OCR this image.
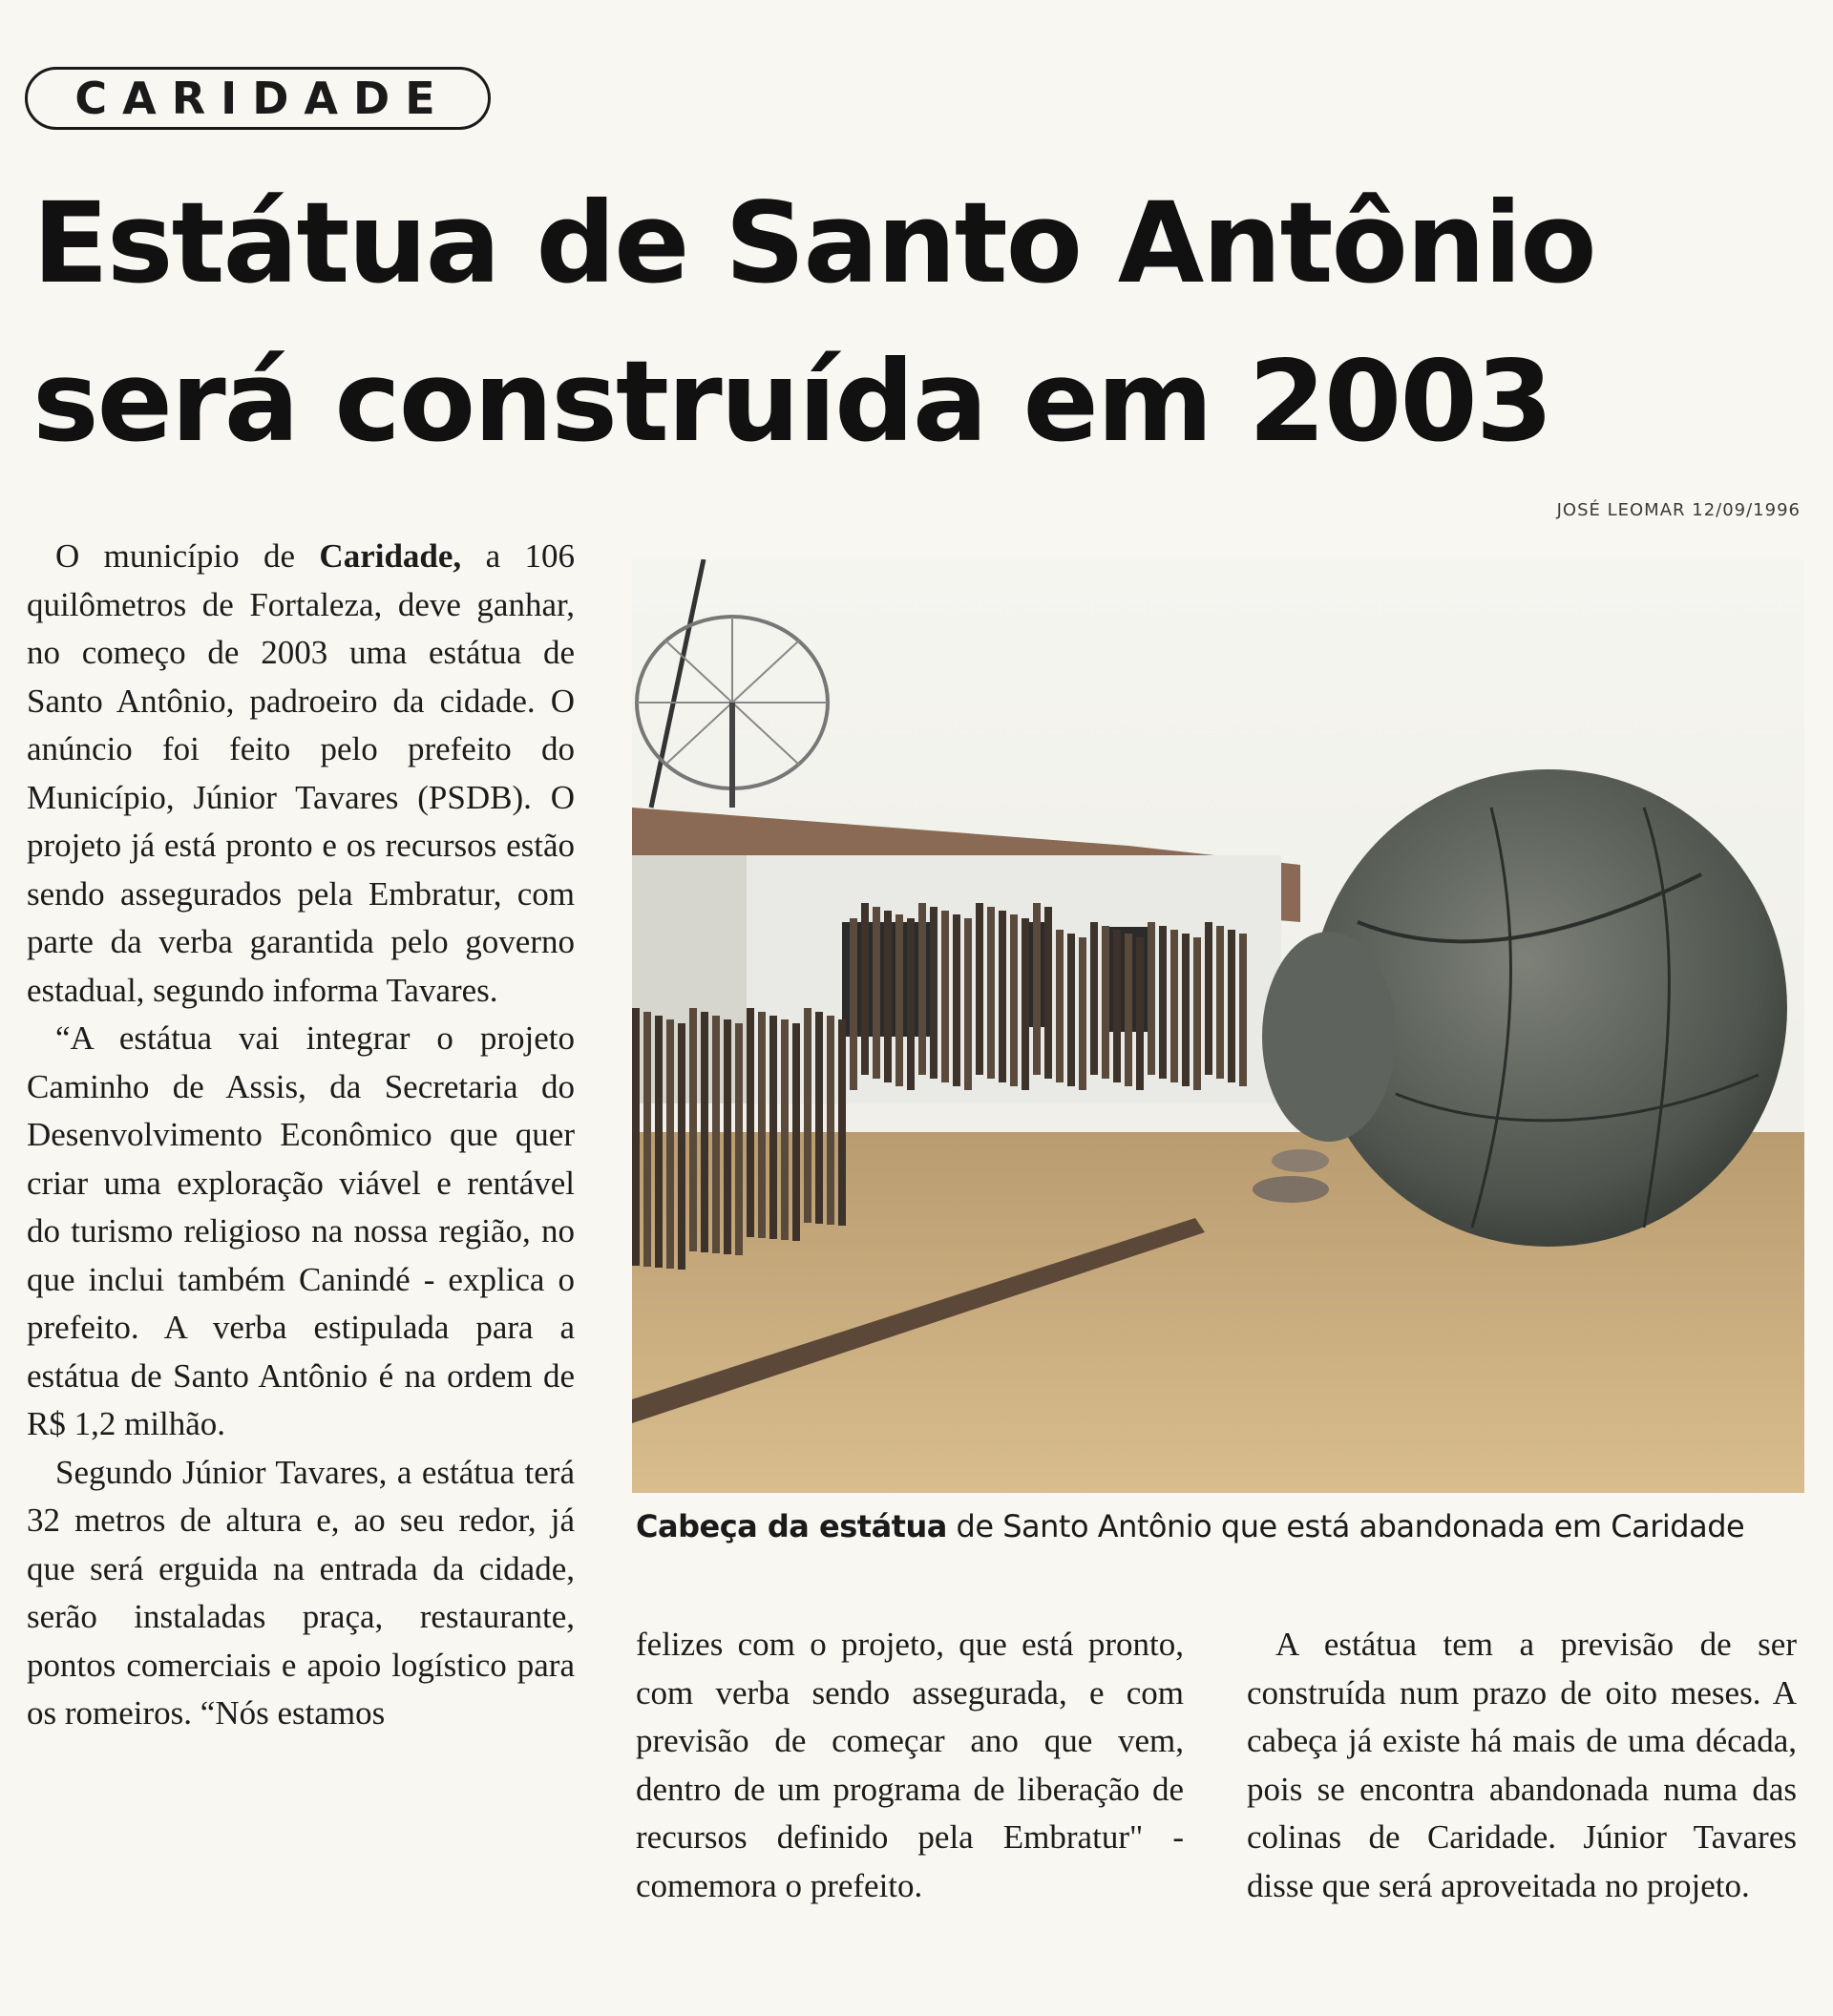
CARIDADE
Estátua de Santo Antônio
será construída em 2003
JOSÉ LEOMAR 12/09/1996

O município de Caridade, a 106 quilômetros de Fortaleza, deve ganhar, no começo de 2003 uma estátua de Santo Antônio, padroeiro da cidade. O anúncio foi feito pelo prefeito do Município, Júnior Tavares (PSDB). O projeto já está pronto e os recursos estão sendo assegurados pela Embratur, com parte da verba garantida pelo governo estadual, segundo informa Tavares.

“A estátua vai integrar o projeto Caminho de Assis, da Secretaria do Desenvolvimento Econômico que quer criar uma exploração viável e rentável do turismo religioso na nossa região, no que inclui também Canindé - explica o prefeito. A verba estipulada para a estátua de Santo Antônio é na ordem de R$ 1,2 milhão.

Segundo Júnior Tavares, a estátua terá 32 metros de altura e, ao seu redor, já que será erguida na entrada da cidade, serão instaladas praça, restaurante, pontos comerciais e apoio logístico para os romeiros. “Nós estamos

Cabeça da estátua de Santo Antônio que está abandonada em Caridade

felizes com o projeto, que está pronto, com verba sendo assegurada, e com previsão de começar ano que vem, dentro de um programa de liberação de recursos definido pela Embratur" - comemora o prefeito.

A estátua tem a previsão de ser construída num prazo de oito meses. A cabeça já existe há mais de uma década, pois se encontra abandonada numa das colinas de Caridade. Júnior Tavares disse que será aproveitada no projeto.
